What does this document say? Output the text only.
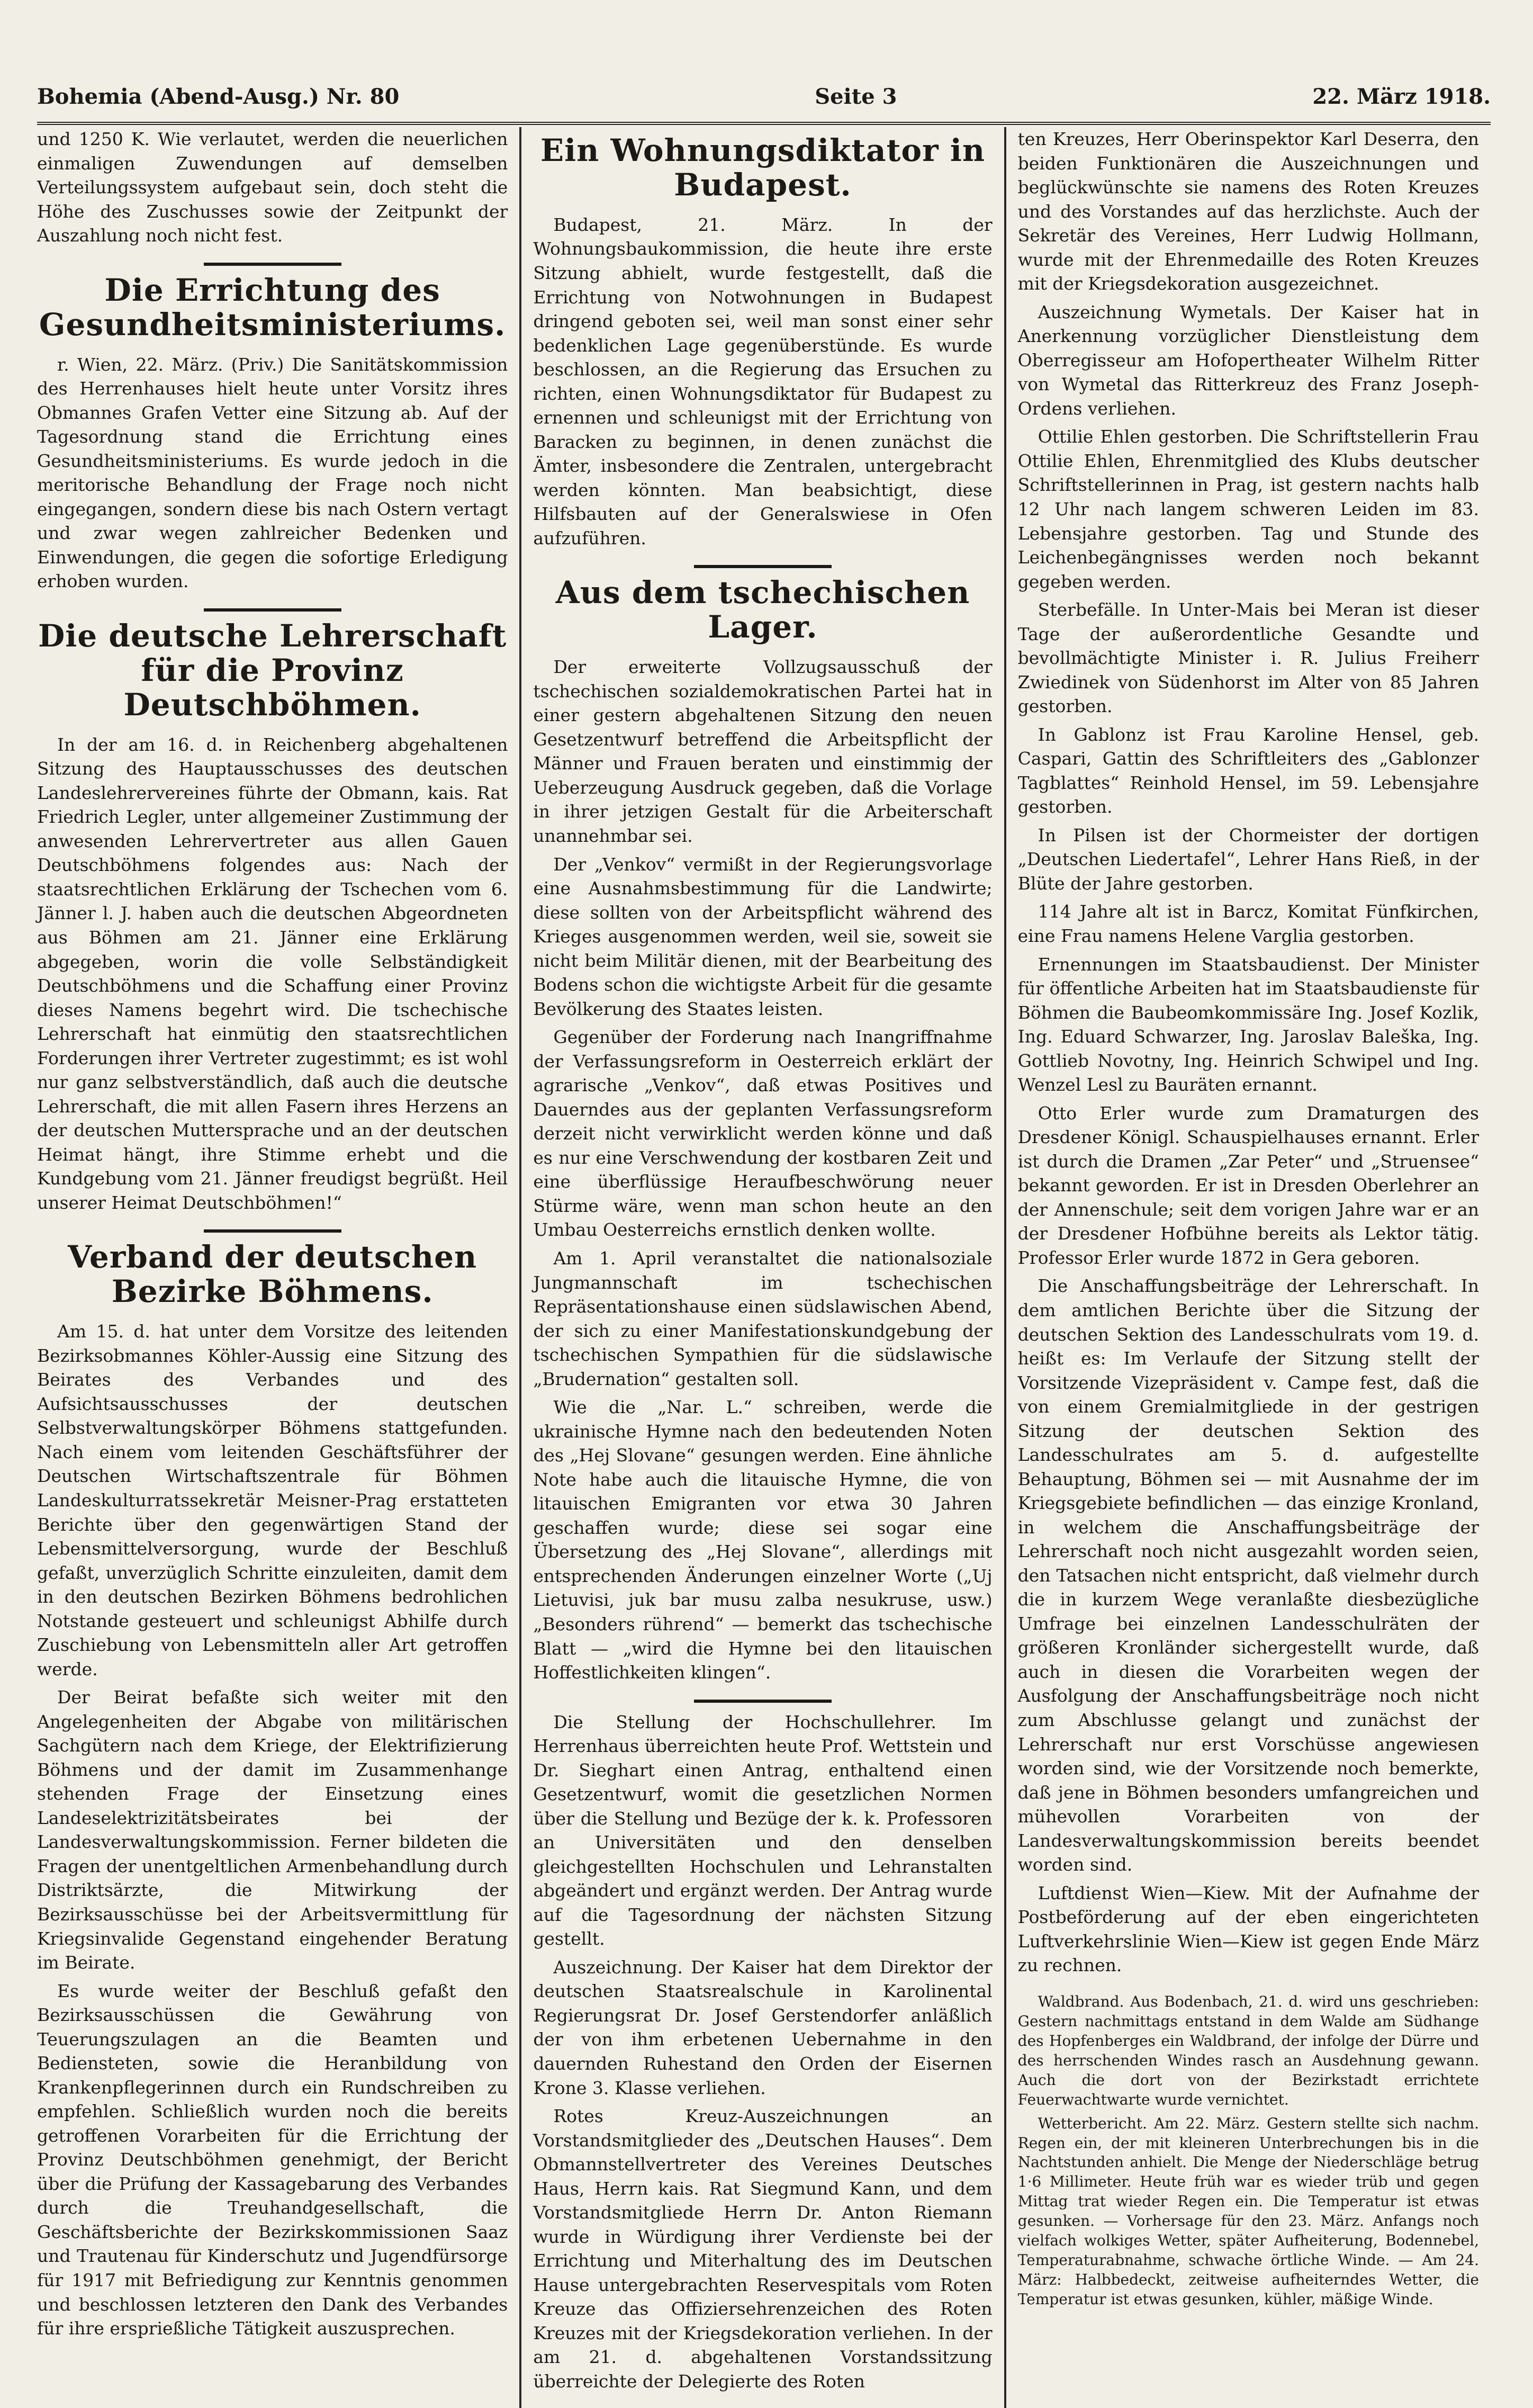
Bohemia (Abend-Ausg.) Nr. 80	Seite 3	22. März 1918.

und 1250 K. Wie verlautet, werden die neuerlichen einmaligen Zuwendungen auf demselben Verteilungssystem aufgebaut sein, doch steht die Höhe des Zuschusses sowie der Zeitpunkt der Auszahlung noch nicht fest.

Die Errichtung des Gesundheitsministeriums.

r. Wien, 22. März. (Priv.) Die Sanitätskommission des Herrenhauses hielt heute unter Vorsitz ihres Obmannes Grafen Vetter eine Sitzung ab. Auf der Tagesordnung stand die Errichtung eines Gesundheitsministeriums. Es wurde jedoch in die meritorische Behandlung der Frage noch nicht eingegangen, sondern diese bis nach Ostern vertagt und zwar wegen zahlreicher Bedenken und Einwendungen, die gegen die sofortige Erledigung erhoben wurden.

Die deutsche Lehrerschaft für die Provinz Deutschböhmen.

In der am 16. d. in Reichenberg abgehaltenen Sitzung des Hauptausschusses des deutschen Landeslehrervereines führte der Obmann, kais. Rat Friedrich Legler, unter allgemeiner Zustimmung der anwesenden Lehrervertreter aus allen Gauen Deutschböhmens folgendes aus: Nach der staatsrechtlichen Erklärung der Tschechen vom 6. Jänner l. J. haben auch die deutschen Abgeordneten aus Böhmen am 21. Jänner eine Erklärung abgegeben, worin die volle Selbständigkeit Deutschböhmens und die Schaffung einer Provinz dieses Namens begehrt wird. Die tschechische Lehrerschaft hat einmütig den staatsrechtlichen Forderungen ihrer Vertreter zugestimmt; es ist wohl nur ganz selbstverständlich, daß auch die deutsche Lehrerschaft, die mit allen Fasern ihres Herzens an der deutschen Muttersprache und an der deutschen Heimat hängt, ihre Stimme erhebt und die Kundgebung vom 21. Jänner freudigst begrüßt. Heil unserer Heimat Deutschböhmen!“

Verband der deutschen Bezirke Böhmens.

Am 15. d. hat unter dem Vorsitze des leitenden Bezirksobmannes Köhler-Aussig eine Sitzung des Beirates des Verbandes und des Aufsichtsausschusses der deutschen Selbstverwaltungskörper Böhmens stattgefunden. Nach einem vom leitenden Geschäftsführer der Deutschen Wirtschaftszentrale für Böhmen Landeskulturratssekretär Meisner-Prag erstatteten Berichte über den gegenwärtigen Stand der Lebensmittelversorgung, wurde der Beschluß gefaßt, unverzüglich Schritte einzuleiten, damit dem in den deutschen Bezirken Böhmens bedrohlichen Notstande gesteuert und schleunigst Abhilfe durch Zuschiebung von Lebensmitteln aller Art getroffen werde.

Der Beirat befaßte sich weiter mit den Angelegenheiten der Abgabe von militärischen Sachgütern nach dem Kriege, der Elektrifizierung Böhmens und der damit im Zusammenhange stehenden Frage der Einsetzung eines Landeselektrizitätsbeirates bei der Landesverwaltungskommission. Ferner bildeten die Fragen der unentgeltlichen Armenbehandlung durch Distriktsärzte, die Mitwirkung der Bezirksausschüsse bei der Arbeitsvermittlung für Kriegsinvalide Gegenstand eingehender Beratung im Beirate.

Es wurde weiter der Beschluß gefaßt den Bezirksausschüssen die Gewährung von Teuerungszulagen an die Beamten und Bediensteten, sowie die Heranbildung von Krankenpflegerinnen durch ein Rundschreiben zu empfehlen. Schließlich wurden noch die bereits getroffenen Vorarbeiten für die Errichtung der Provinz Deutschböhmen genehmigt, der Bericht über die Prüfung der Kassagebarung des Verbandes durch die Treuhandgesellschaft, die Geschäftsberichte der Bezirkskommissionen Saaz und Trautenau für Kinderschutz und Jugendfürsorge für 1917 mit Befriedigung zur Kenntnis genommen und beschlossen letzteren den Dank des Verbandes für ihre ersprießliche Tätigkeit auszusprechen.

Ein Wohnungsdiktator in Budapest.

Budapest, 21. März. In der Wohnungsbaukommission, die heute ihre erste Sitzung abhielt, wurde festgestellt, daß die Errichtung von Notwohnungen in Budapest dringend geboten sei, weil man sonst einer sehr bedenklichen Lage gegenüberstünde. Es wurde beschlossen, an die Regierung das Ersuchen zu richten, einen Wohnungsdiktator für Budapest zu ernennen und schleunigst mit der Errichtung von Baracken zu beginnen, in denen zunächst die Ämter, insbesondere die Zentralen, untergebracht werden könnten. Man beabsichtigt, diese Hilfsbauten auf der Generalswiese in Ofen aufzuführen.

Aus dem tschechischen Lager.

Der erweiterte Vollzugsausschuß der tschechischen sozialdemokratischen Partei hat in einer gestern abgehaltenen Sitzung den neuen Gesetzentwurf betreffend die Arbeitspflicht der Männer und Frauen beraten und einstimmig der Ueberzeugung Ausdruck gegeben, daß die Vorlage in ihrer jetzigen Gestalt für die Arbeiterschaft unannehmbar sei.

Der „Venkov“ vermißt in der Regierungsvorlage eine Ausnahmsbestimmung für die Landwirte; diese sollten von der Arbeitspflicht während des Krieges ausgenommen werden, weil sie, soweit sie nicht beim Militär dienen, mit der Bearbeitung des Bodens schon die wichtigste Arbeit für die gesamte Bevölkerung des Staates leisten.

Gegenüber der Forderung nach Inangriffnahme der Verfassungsreform in Oesterreich erklärt der agrarische „Venkov“, daß etwas Positives und Dauerndes aus der geplanten Verfassungsreform derzeit nicht verwirklicht werden könne und daß es nur eine Verschwendung der kostbaren Zeit und eine überflüssige Heraufbeschwörung neuer Stürme wäre, wenn man schon heute an den Umbau Oesterreichs ernstlich denken wollte.

Am 1. April veranstaltet die nationalsoziale Jungmannschaft im tschechischen Repräsentationshause einen südslawischen Abend, der sich zu einer Manifestationskundgebung der tschechischen Sympathien für die südslawische „Brudernation“ gestalten soll.

Wie die „Nar. L.“ schreiben, werde die ukrainische Hymne nach den bedeutenden Noten des „Hej Slovane“ gesungen werden. Eine ähnliche Note habe auch die litauische Hymne, die von litauischen Emigranten vor etwa 30 Jahren geschaffen wurde; diese sei sogar eine Übersetzung des „Hej Slovane“, allerdings mit entsprechenden Änderungen einzelner Worte („Uj Lietuvisi, juk bar musu zalba nesukruse, usw.) „Besonders rührend“ — bemerkt das tschechische Blatt — „wird die Hymne bei den litauischen Hoffestlichkeiten klingen“.

Die Stellung der Hochschullehrer. Im Herrenhaus überreichten heute Prof. Wettstein und Dr. Sieghart einen Antrag, enthaltend einen Gesetzentwurf, womit die gesetzlichen Normen über die Stellung und Bezüge der k. k. Professoren an Universitäten und den denselben gleichgestellten Hochschulen und Lehranstalten abgeändert und ergänzt werden. Der Antrag wurde auf die Tagesordnung der nächsten Sitzung gestellt.

Auszeichnung. Der Kaiser hat dem Direktor der deutschen Staatsrealschule in Karolinental Regierungsrat Dr. Josef Gerstendorfer anläßlich der von ihm erbetenen Uebernahme in den dauernden Ruhestand den Orden der Eisernen Krone 3. Klasse verliehen.

Rotes Kreuz-Auszeichnungen an Vorstandsmitglieder des „Deutschen Hauses“. Dem Obmannstellvertreter des Vereines Deutsches Haus, Herrn kais. Rat Siegmund Kann, und dem Vorstandsmitgliede Herrn Dr. Anton Riemann wurde in Würdigung ihrer Verdienste bei der Errichtung und Miterhaltung des im Deutschen Hause untergebrachten Reservespitals vom Roten Kreuze das Offiziersehrenzeichen des Roten Kreuzes mit der Kriegsdekoration verliehen. In der am 21. d. abgehaltenen Vorstandssitzung überreichte der Delegierte des Roten

ten Kreuzes, Herr Oberinspektor Karl Deserra, den beiden Funktionären die Auszeichnungen und beglückwünschte sie namens des Roten Kreuzes und des Vorstandes auf das herzlichste. Auch der Sekretär des Vereines, Herr Ludwig Hollmann, wurde mit der Ehrenmedaille des Roten Kreuzes mit der Kriegsdekoration ausgezeichnet.

Auszeichnung Wymetals. Der Kaiser hat in Anerkennung vorzüglicher Dienstleistung dem Oberregisseur am Hofopertheater Wilhelm Ritter von Wymetal das Ritterkreuz des Franz Joseph-Ordens verliehen.

Ottilie Ehlen gestorben. Die Schriftstellerin Frau Ottilie Ehlen, Ehrenmitglied des Klubs deutscher Schriftstellerinnen in Prag, ist gestern nachts halb 12 Uhr nach langem schweren Leiden im 83. Lebensjahre gestorben. Tag und Stunde des Leichenbegängnisses werden noch bekannt gegeben werden.

Sterbefälle. In Unter-Mais bei Meran ist dieser Tage der außerordentliche Gesandte und bevollmächtigte Minister i. R. Julius Freiherr Zwiedinek von Südenhorst im Alter von 85 Jahren gestorben.

In Gablonz ist Frau Karoline Hensel, geb. Caspari, Gattin des Schriftleiters des „Gablonzer Tagblattes“ Reinhold Hensel, im 59. Lebensjahre gestorben.

In Pilsen ist der Chormeister der dortigen „Deutschen Liedertafel“, Lehrer Hans Rieß, in der Blüte der Jahre gestorben.

114 Jahre alt ist in Barcz, Komitat Fünfkirchen, eine Frau namens Helene Varglia gestorben.

Ernennungen im Staatsbaudienst. Der Minister für öffentliche Arbeiten hat im Staatsbaudienste für Böhmen die Baubeomkommissäre Ing. Josef Kozlik, Ing. Eduard Schwarzer, Ing. Jaroslav Baleška, Ing. Gottlieb Novotny, Ing. Heinrich Schwipel und Ing. Wenzel Lesl zu Bauräten ernannt.

Otto Erler wurde zum Dramaturgen des Dresdener Königl. Schauspielhauses ernannt. Erler ist durch die Dramen „Zar Peter“ und „Struensee“ bekannt geworden. Er ist in Dresden Oberlehrer an der Annenschule; seit dem vorigen Jahre war er an der Dresdener Hofbühne bereits als Lektor tätig. Professor Erler wurde 1872 in Gera geboren.

Die Anschaffungsbeiträge der Lehrerschaft. In dem amtlichen Berichte über die Sitzung der deutschen Sektion des Landesschulrats vom 19. d. heißt es: Im Verlaufe der Sitzung stellt der Vorsitzende Vizepräsident v. Campe fest, daß die von einem Gremialmitgliede in der gestrigen Sitzung der deutschen Sektion des Landesschulrates am 5. d. aufgestellte Behauptung, Böhmen sei — mit Ausnahme der im Kriegsgebiete befindlichen — das einzige Kronland, in welchem die Anschaffungsbeiträge der Lehrerschaft noch nicht ausgezahlt worden seien, den Tatsachen nicht entspricht, daß vielmehr durch die in kurzem Wege veranlaßte diesbezügliche Umfrage bei einzelnen Landesschulräten der größeren Kronländer sichergestellt wurde, daß auch in diesen die Vorarbeiten wegen der Ausfolgung der Anschaffungsbeiträge noch nicht zum Abschlusse gelangt und zunächst der Lehrerschaft nur erst Vorschüsse angewiesen worden sind, wie der Vorsitzende noch bemerkte, daß jene in Böhmen besonders umfangreichen und mühevollen Vorarbeiten von der Landesverwaltungskommission bereits beendet worden sind.

Luftdienst Wien—Kiew. Mit der Aufnahme der Postbeförderung auf der eben eingerichteten Luftverkehrslinie Wien—Kiew ist gegen Ende März zu rechnen.

Waldbrand. Aus Bodenbach, 21. d. wird uns geschrieben: Gestern nachmittags entstand in dem Walde am Südhange des Hopfenberges ein Waldbrand, der infolge der Dürre und des herrschenden Windes rasch an Ausdehnung gewann. Auch die dort von der Bezirkstadt errichtete Feuerwachtwarte wurde vernichtet.

Wetterbericht. Am 22. März. Gestern stellte sich nachm. Regen ein, der mit kleineren Unterbrechungen bis in die Nachtstunden anhielt. Die Menge der Niederschläge betrug 1·6 Millimeter. Heute früh war es wieder trüb und gegen Mittag trat wieder Regen ein. Die Temperatur ist etwas gesunken. — Vorhersage für den 23. März. Anfangs noch vielfach wolkiges Wetter, später Aufheiterung, Bodennebel, Temperaturabnahme, schwache örtliche Winde. — Am 24. März: Halbbedeckt, zeitweise aufheiterndes Wetter, die Temperatur ist etwas gesunken, kühler, mäßige Winde.
